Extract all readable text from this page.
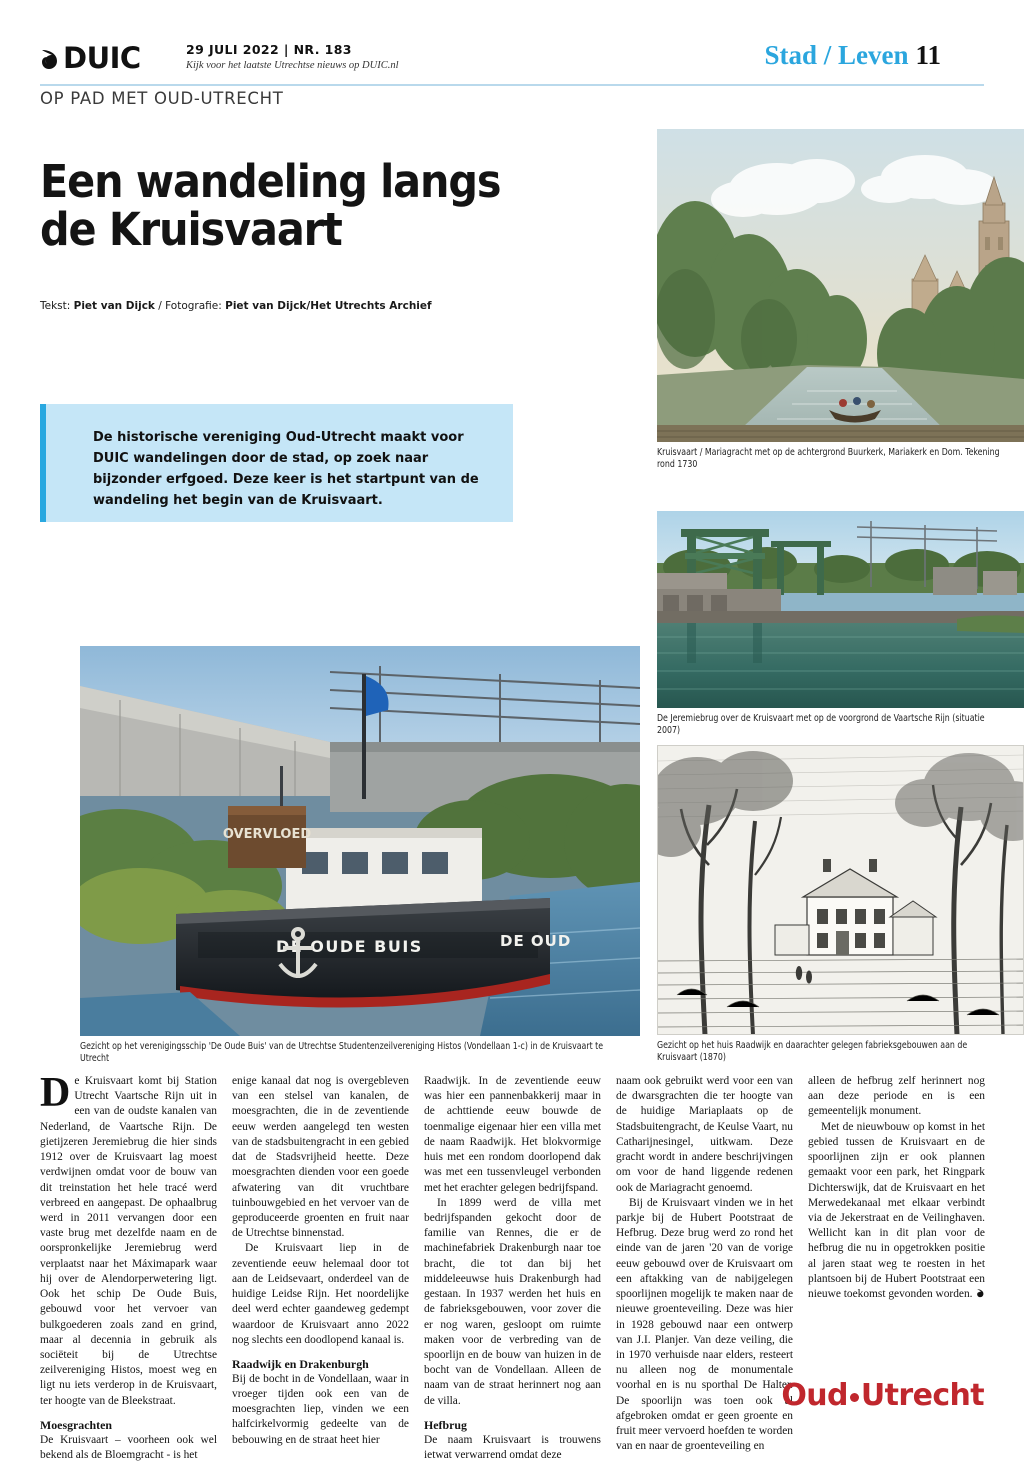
DUIC	29 JULI 2022 | NR. 183
Kijk voor het laatste Utrechtse nieuws op DUIC.nl	Stad / Leven 11
OP PAD MET OUD-UTRECHT
Een wandeling langs de Kruisvaart
Tekst: Piet van Dijck / Fotografie: Piet van Dijck/Het Utrechts Archief
De historische vereniging Oud-Utrecht maakt voor DUIC wandelingen door de stad, op zoek naar bijzonder erfgoed. Deze keer is het startpunt van de wandeling het begin van de Kruisvaart.
Kruisvaart / Mariagracht met op de achtergrond Buurkerk, Mariakerk en Dom. Tekening rond 1730
De Jeremiebrug over de Kruisvaart met op de voorgrond de Vaartsche Rijn (situatie 2007)
OVERVLOED
DE OUDE BUIS	DE OUD
Gezicht op het verenigingsschip 'De Oude Buis' van de Utrechtse Studentenzeilvereniging Histos (Vondellaan 1-c) in de Kruisvaart te Utrecht
Gezicht op het huis Raadwijk en daarachter gelegen fabrieksgebouwen aan de Kruisvaart (1870)

De Kruisvaart komt bij Station Utrecht Vaartsche Rijn uit in een van de oudste kanalen van Nederland, de Vaartsche Rijn. De gietijzeren Jeremiebrug die hier sinds 1912 over de Kruisvaart lag moest verdwijnen omdat voor de bouw van dit treinstation het hele tracé werd verbreed en aangepast. De ophaalbrug werd in 2011 vervangen door een vaste brug met dezelfde naam en de oorspronkelijke Jeremiebrug werd verplaatst naar het Máximapark waar hij over de Alendorperwetering ligt. Ook het schip De Oude Buis, gebouwd voor het vervoer van bulkgoederen zoals zand en grind, maar al decennia in gebruik als sociëteit bij de Utrechtse zeilvereniging Histos, moest weg en ligt nu iets verderop in de Kruisvaart, ter hoogte van de Bleekstraat.

Moesgrachten

De Kruisvaart – voorheen ook wel bekend als de Bloemgracht - is het

enige kanaal dat nog is overgebleven van een stelsel van kanalen, de moesgrachten, die in de zeventiende eeuw werden aangelegd ten westen van de stadsbuitengracht in een gebied dat de Stadsvrijheid heette. Deze moesgrachten dienden voor een goede afwatering van dit vruchtbare tuinbouwgebied en het vervoer van de geproduceerde groenten en fruit naar de Utrechtse binnenstad.

De Kruisvaart liep in de zeventiende eeuw helemaal door tot aan de Leidsevaart, onderdeel van de huidige Leidse Rijn. Het noordelijke deel werd echter gaandeweg gedempt waardoor de Kruisvaart anno 2022 nog slechts een doodlopend kanaal is.

Raadwijk en Drakenburgh

Bij de bocht in de Vondellaan, waar in vroeger tijden ook een van de moesgrachten liep, vinden we een halfcirkelvormig gedeelte van de bebouwing en de straat heet hier

Raadwijk. In de zeventiende eeuw was hier een pannenbakkerij maar in de achttiende eeuw bouwde de toenmalige eigenaar hier een villa met de naam Raadwijk. Het blokvormige huis met een rondom doorlopend dak was met een tussenvleugel verbonden met het erachter gelegen bedrijfspand.

In 1899 werd de villa met bedrijfspanden gekocht door de familie van Rennes, die er de machinefabriek Drakenburgh naar toe bracht, die tot dan bij het middeleeuwse huis Drakenburgh had gestaan. In 1937 werden het huis en de fabrieksgebouwen, voor zover die er nog waren, gesloopt om ruimte maken voor de verbreding van de spoorlijn en de bouw van huizen in de bocht van de Vondellaan. Alleen de naam van de straat herinnert nog aan de villa.

Hefbrug

De naam Kruisvaart is trouwens ietwat verwarrend omdat deze

naam ook gebruikt werd voor een van de dwarsgrachten die ter hoogte van de huidige Mariaplaats op de Stadsbuitengracht, de Keulse Vaart, nu Catharijnesingel, uitkwam. Deze gracht wordt in andere beschrijvingen om voor de hand liggende redenen ook de Mariagracht genoemd.

Bij de Kruisvaart vinden we in het parkje bij de Hubert Pootstraat de Hefbrug. Deze brug werd zo rond het einde van de jaren '20 van de vorige eeuw gebouwd over de Kruisvaart om een aftakking van de nabijgelegen spoorlijnen mogelijk te maken naar de nieuwe groenteveiling. Deze was hier in 1928 gebouwd naar een ontwerp van J.I. Planjer. Van deze veiling, die in 1970 verhuisde naar elders, resteert nu alleen nog de monumentale voorhal en is nu sporthal De Halter. De spoorlijn was toen ook al afgebroken omdat er geen groente en fruit meer vervoerd hoefden te worden van en naar de groenteveiling en

alleen de hefbrug zelf herinnert nog aan deze periode en is een gemeentelijk monument.

Met de nieuwbouw op komst in het gebied tussen de Kruisvaart en de spoorlijnen zijn er ook plannen gemaakt voor een park, het Ringpark Dichterswijk, dat de Kruisvaart en het Merwedekanaal met elkaar verbindt via de Jekerstraat en de Veilinghaven. Wellicht kan in dit plan voor de hefbrug die nu in opgetrokken positie al jaren staat weg te roesten in het plantsoen bij de Hubert Pootstraat een nieuwe toekomst gevonden worden.

Oud Utrecht
